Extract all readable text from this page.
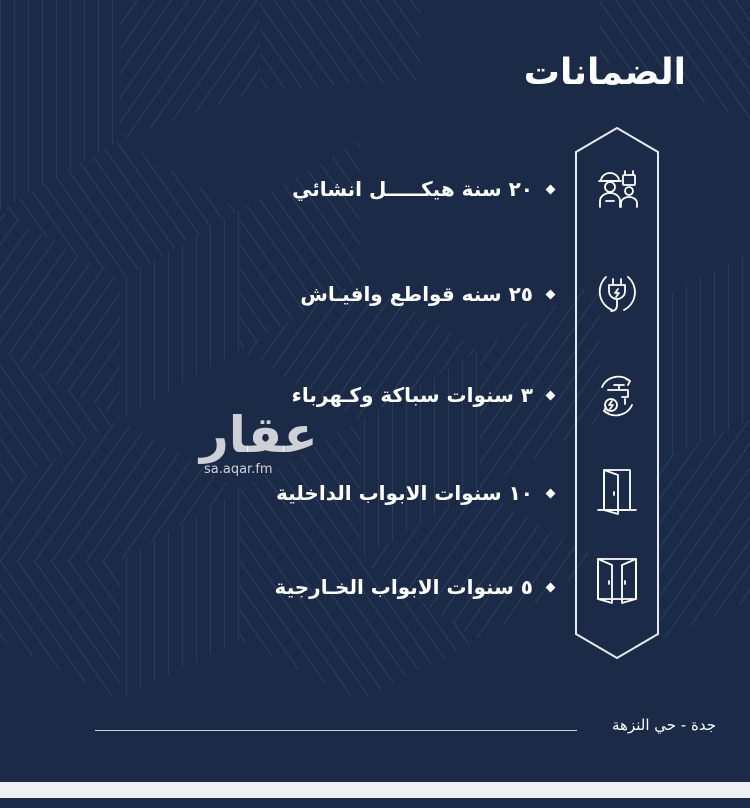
الضمانات
٢٠ سنة هيكـــــل انشائي
٢٥ سنه قواطع وافيـاش
٣ سنوات سباكة وكـهرباء
١٠ سنوات الابواب الداخلية
٥ سنوات الابواب الخـارجية
عقار
sa.aqar.fm
جدة - حي النزهة
